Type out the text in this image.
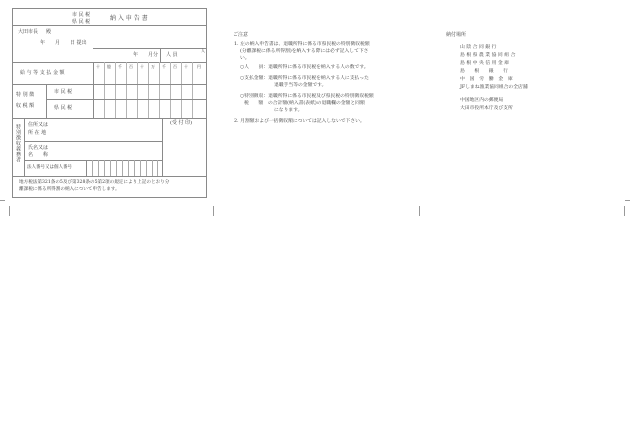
市 民 税
県 民 税	納 入 申 告 書
大田市長 殿
年　　月　　日 提出
年　　月分 人 員
人
給 与 等 支 払 金 額
十 億 千 百 十 万 千 百 十 円
特 別 徴
収 税 額
市 民 税
県 民 税
特別徴収義務者 住所又は
所 在 地
氏名又は
名　　称
法人番号又は個人番号
(受 付 印)
地方税法第321条の5及び第328条の5第2項の規定により上記のとおり分
離課税に係る所得割の納入について申告します。
ご注意
1. 左の納入申告書は、退職所得に係る市県民税の特別徴収税額
(分離課税に係る所得割)を納入する際には必ず記入して下さ
い。
○人　　員：退職所得に係る市民税を納入する人の数です。
○支払金額：退職所得に係る市民税を納入する人に支払った
退職手当等の金額です。
○特別徴収：退職所得に係る市民税及び県民税の特別徴収税額
税　　額　の合計額(納入書(表紙)の退職欄の金額と同額
になります。
2. 月割額および一括徴収額については記入しないで下さい。
納付場所
山 陰 合 同 銀 行
島 根 県 農 業 協 同 組 合
島 根 中 央 信 用 金 庫
島　　根　　銀　　行
中　国　労　働　金　庫
JFしまね漁業協同組合の全店舗
中国地区内の郵便局
大田市役所本庁及び支所
